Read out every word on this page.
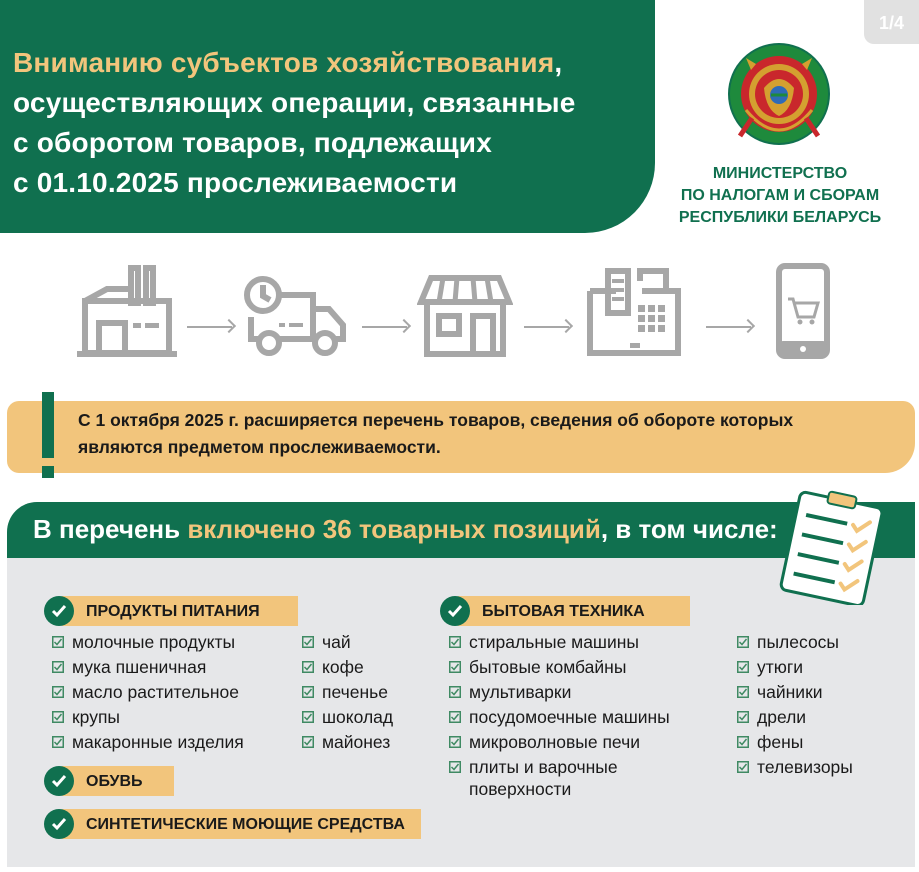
Вниманию субъектов хозяйствования,
осуществляющих операции, связанные
с оборотом товаров, подлежащих
с 01.10.2025 прослеживаемости
1/4
МИНИСТЕРСТВО
ПО НАЛОГАМ И СБОРАМ
РЕСПУБЛИКИ БЕЛАРУСЬ
С 1 октября 2025 г. расширяется перечень товаров, сведения об обороте которых
являются предметом прослеживаемости.
В перечень включено 36 товарных позиций, в том числе:
ПРОДУКТЫ ПИТАНИЯ
ОБУВЬ
СИНТЕТИЧЕСКИЕ МОЮЩИЕ СРЕДСТВА
БЫТОВАЯ ТЕХНИКА
молочные продукты
мука пшеничная
масло растительное
крупы
макаронные изделия
чай
кофе
печенье
шоколад
майонез
стиральные машины
бытовые комбайны
мультиварки
посудомоечные машины
микроволновые печи
плиты и варочные
поверхности
пылесосы
утюги
чайники
дрели
фены
телевизоры
